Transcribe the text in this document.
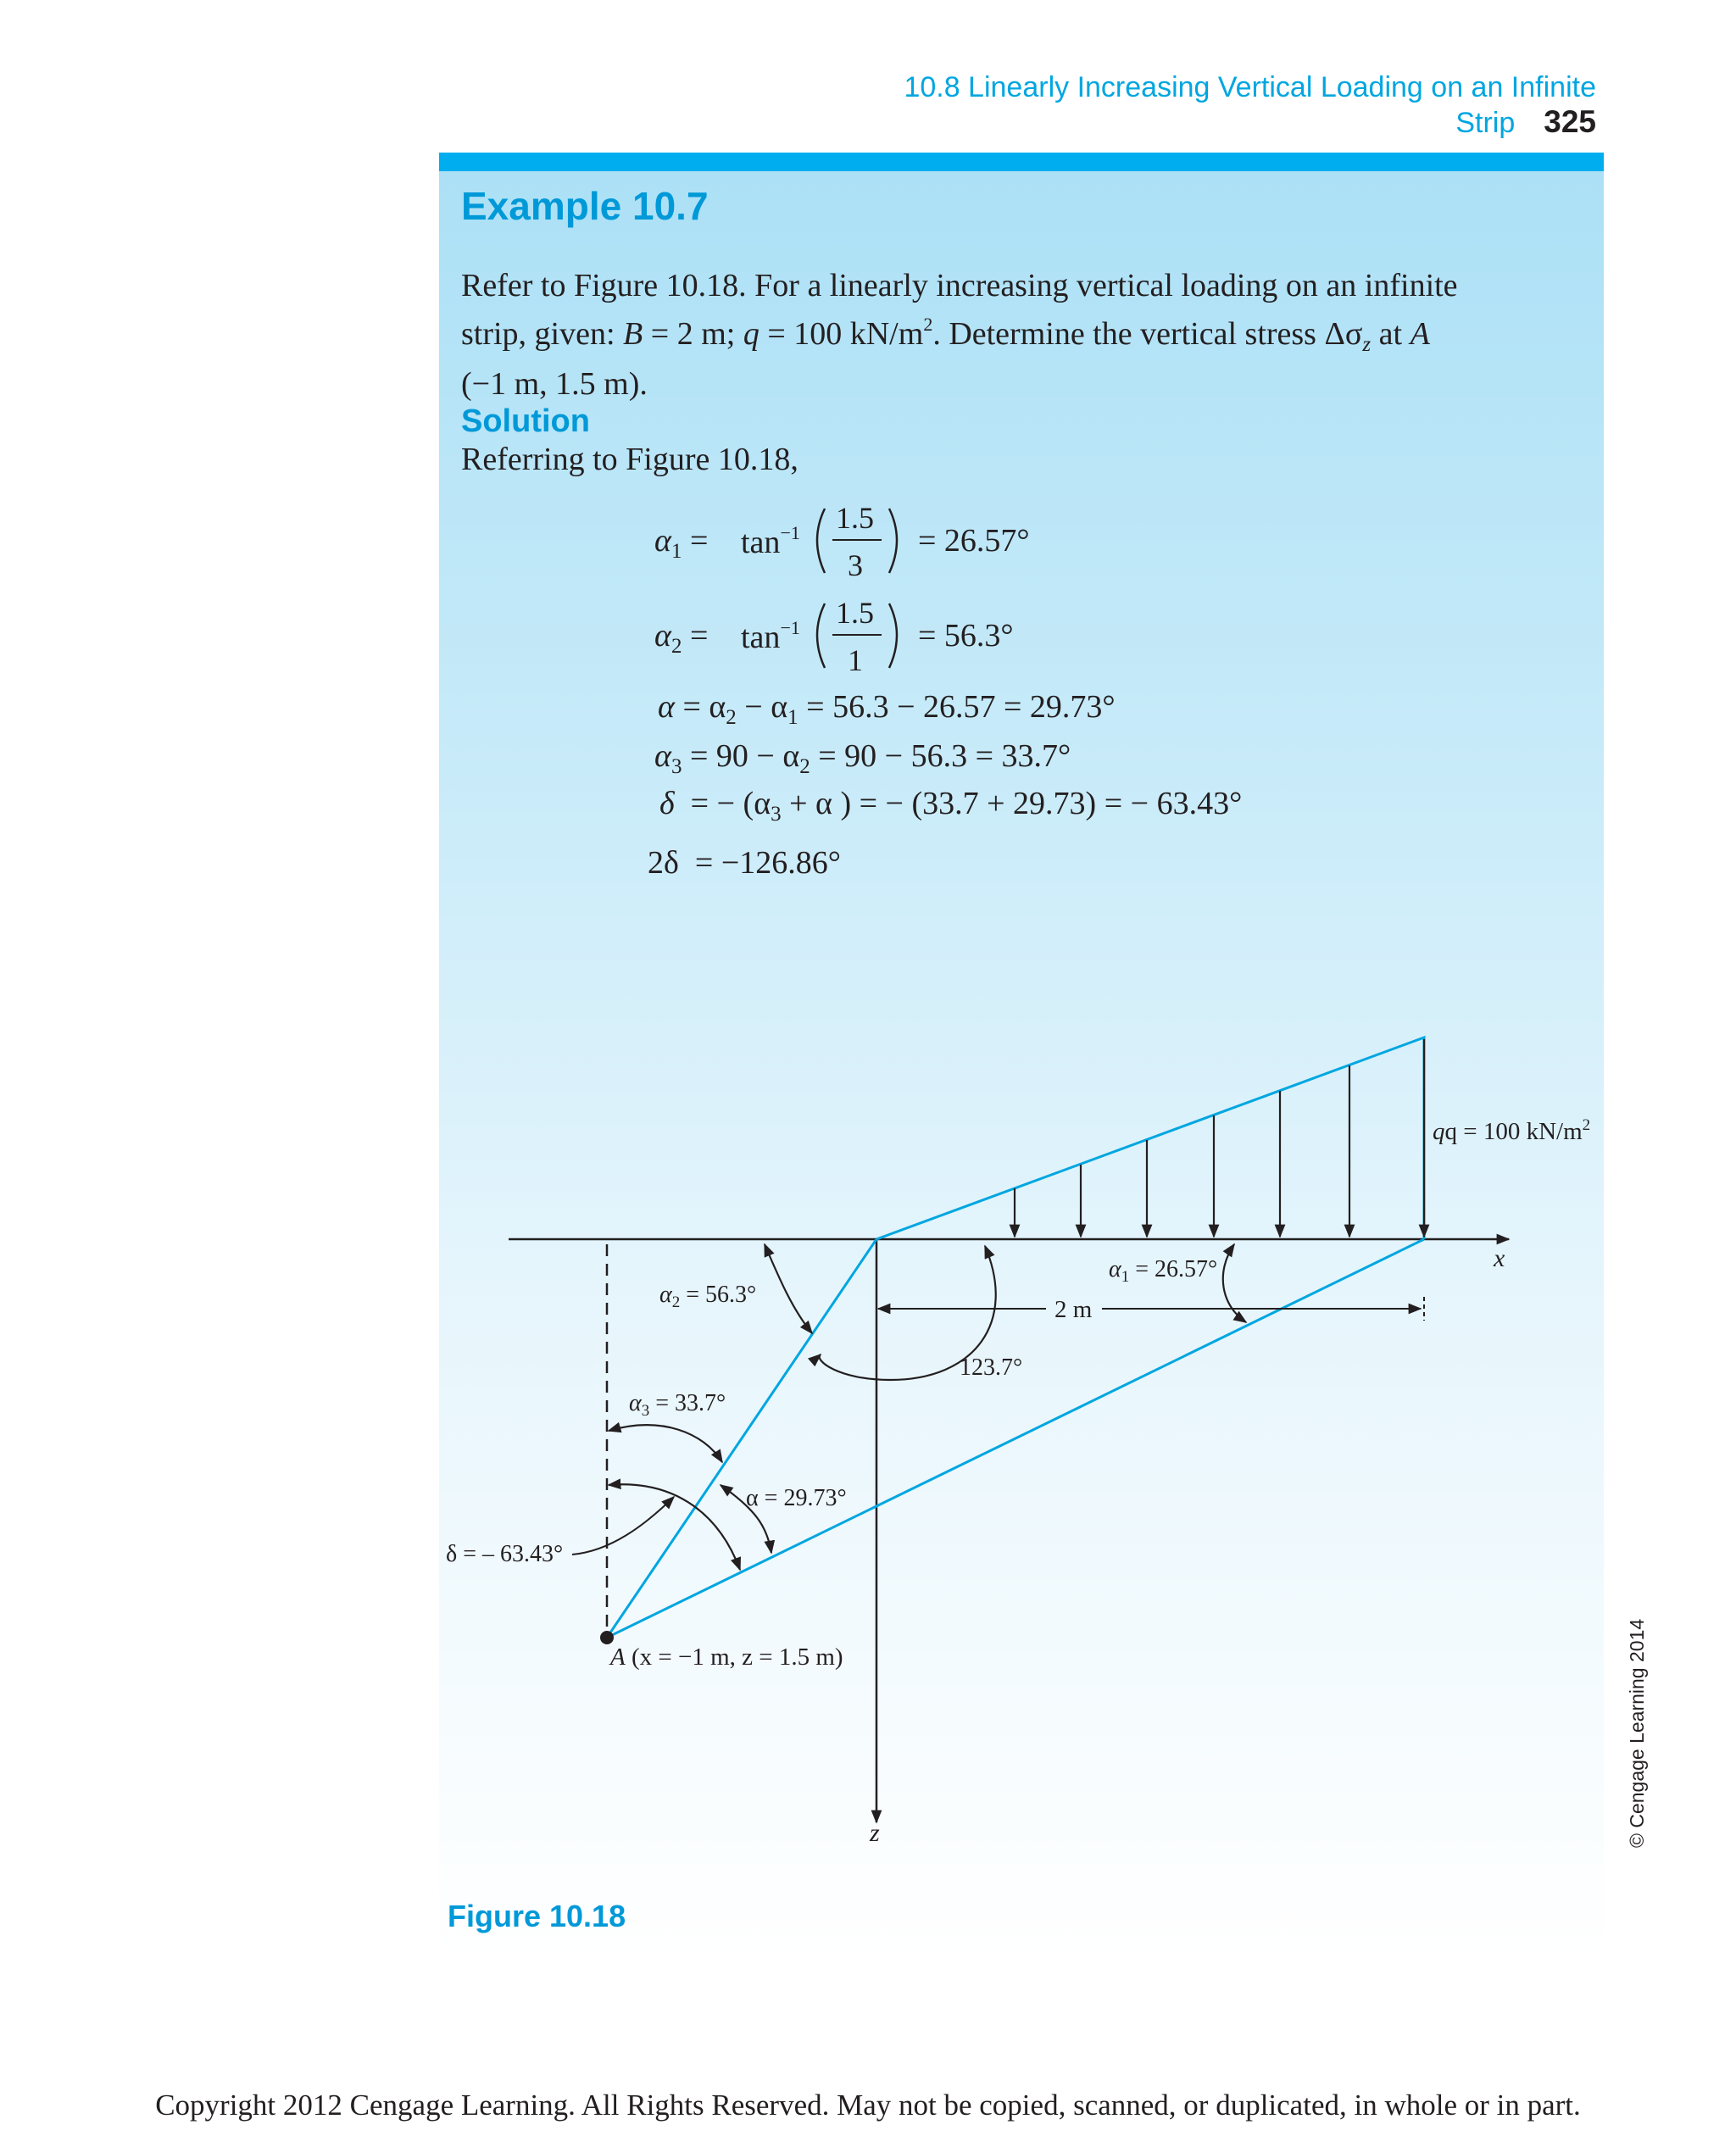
10.8 Linearly Increasing Vertical Loading on an Infinite Strip 325
Example 10.7
Refer to Figure 10.18. For a linearly increasing vertical loading on an infinite
strip, given: B = 2 m; q = 100 $kN/m^2$. Determine the vertical stress $\Delta\sigma_z$ at A
(−1 m, 1.5 m).
Solution
Referring to Figure 10.18,
$\alpha_1 = \tan^{-1} 1.5$
3
= 26.57°
$\alpha_2 = \tan^{-1} 1.5$
1
= 56.3°
$\alpha = \alpha_2 - \alpha_1 = 56.3 - 26.57 = 29.73^\circ$
$\alpha_3 = 90 - \alpha_2 = 90 - 56.3 = 33.7^\circ$
δ = − ($\alpha_3 + \alpha$ ) = − (33.7 + 29.73) = − 63.43°
2δ = −126.86°
qq = 100 $kN/m^2$
x
z
2 m
$\alpha_1 = 26.57^\circ$
$\alpha_2 = 56.3^\circ$
$\alpha_3 = 33.7^\circ$
α = 29.73°
123.7°
δ = – 63.43°
A (x = −1 m, z = 1.5 m)
Figure 10.18
© Cengage Learning 2014
Copyright 2012 Cengage Learning. All Rights Reserved. May not be copied, scanned, or duplicated, in whole or in part.
